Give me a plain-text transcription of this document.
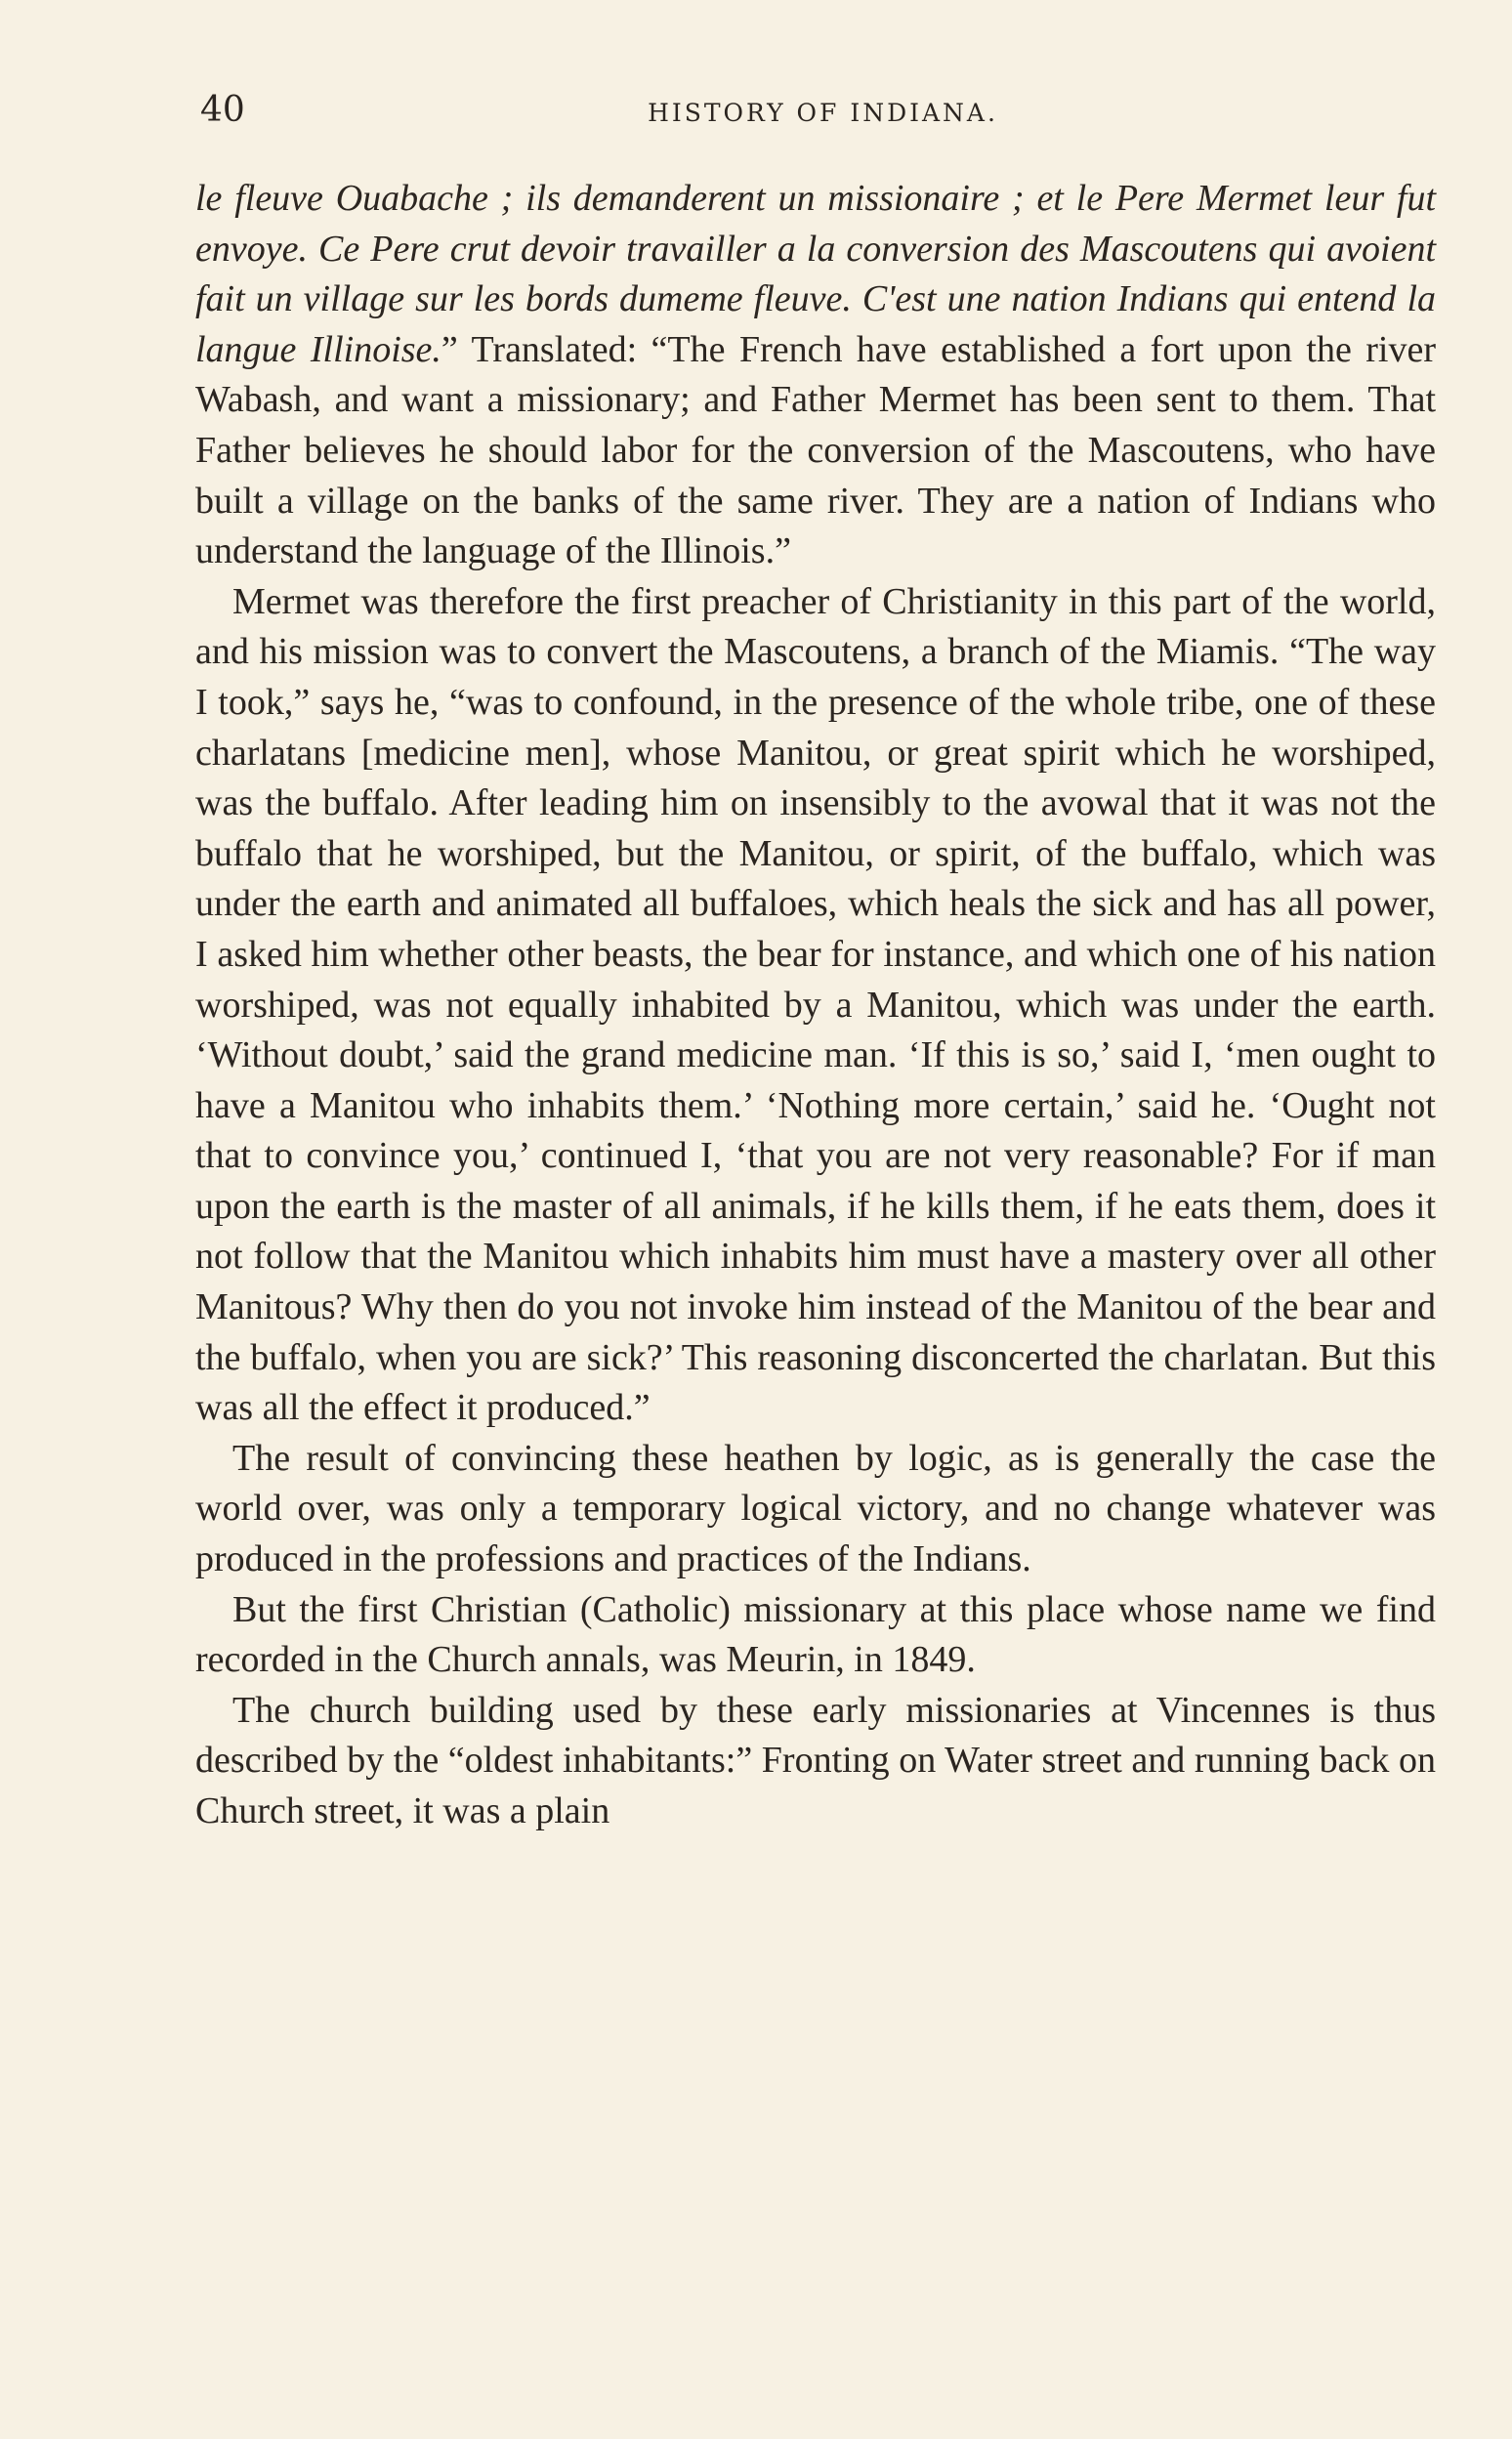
40	HISTORY OF INDIANA.

le fleuve Ouabache ; ils demanderent un missionaire ; et le Pere Mermet leur fut envoye. Ce Pere crut devoir travailler a la conversion des Mascoutens qui avoient fait un village sur les bords dumeme fleuve. C'est une nation Indians qui entend la langue Illinoise.” Translated: “The French have established a fort upon the river Wabash, and want a missionary; and Father Mermet has been sent to them. That Father believes he should labor for the conversion of the Mascoutens, who have built a village on the banks of the same river. They are a nation of Indians who understand the language of the Illinois.”

Mermet was therefore the first preacher of Christianity in this part of the world, and his mission was to convert the Mascoutens, a branch of the Miamis. “The way I took,” says he, “was to confound, in the presence of the whole tribe, one of these charlatans [medicine men], whose Manitou, or great spirit which he worshiped, was the buffalo. After leading him on insensibly to the avowal that it was not the buffalo that he worshiped, but the Manitou, or spirit, of the buffalo, which was under the earth and animated all buffaloes, which heals the sick and has all power, I asked him whether other beasts, the bear for instance, and which one of his nation worshiped, was not equally inhabited by a Manitou, which was under the earth. ‘Without doubt,’ said the grand medicine man. ‘If this is so,’ said I, ‘men ought to have a Manitou who inhabits them.’ ‘Nothing more certain,’ said he. ‘Ought not that to convince you,’ continued I, ‘that you are not very reasonable? For if man upon the earth is the master of all animals, if he kills them, if he eats them, does it not follow that the Manitou which inhabits him must have a mastery over all other Manitous? Why then do you not invoke him instead of the Manitou of the bear and the buffalo, when you are sick?’ This reasoning disconcerted the charlatan. But this was all the effect it produced.”

The result of convincing these heathen by logic, as is generally the case the world over, was only a temporary logical victory, and no change whatever was produced in the professions and practices of the Indians.

But the first Christian (Catholic) missionary at this place whose name we find recorded in the Church annals, was Meurin, in 1849.

The church building used by these early missionaries at Vincennes is thus described by the “oldest inhabitants:” Fronting on Water street and running back on Church street, it was a plain
